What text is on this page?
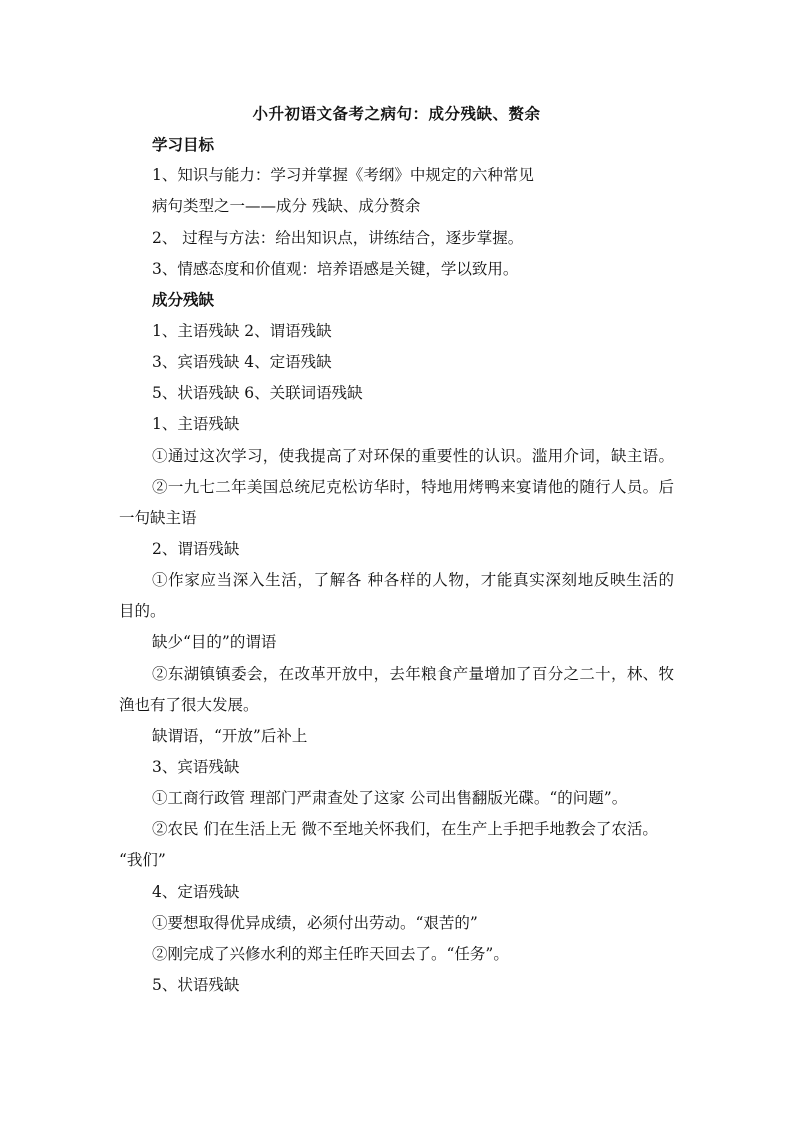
小升初语文备考之病句：成分残缺、赘余
学习目标
1、知识与能力：学习并掌握《考纲》中规定的六种常见
病句类型之一——成分 残缺、成分赘余
2、 过程与方法：给出知识点，讲练结合，逐步掌握。
3、情感态度和价值观：培养语感是关键，学以致用。
成分残缺
1、主语残缺 2、谓语残缺
3、宾语残缺 4、定语残缺
5、状语残缺 6、关联词语残缺
1、主语残缺
①通过这次学习，使我提高了对环保的重要性的认识。滥用介词，缺主语。
②一九七二年美国总统尼克松访华时，特地用烤鸭来宴请他的随行人员。后
一句缺主语
2、谓语残缺
①作家应当深入生活，了解各 种各样的人物，才能真实深刻地反映生活的
目的。
缺少“目的”的谓语
②东湖镇镇委会，在改革开放中，去年粮食产量增加了百分之二十，林、牧
渔也有了很大发展。
缺谓语，“开放”后补上
3、宾语残缺
①工商行政管 理部门严肃查处了这家 公司出售翻版光碟。“的问题”。
②农民 们在生活上无 微不至地关怀我们，在生产上手把手地教会了农活。
“我们”
4、定语残缺
①要想取得优异成绩，必须付出劳动。“艰苦的”
②刚完成了兴修水利的郑主任昨天回去了。“任务”。
5、状语残缺
